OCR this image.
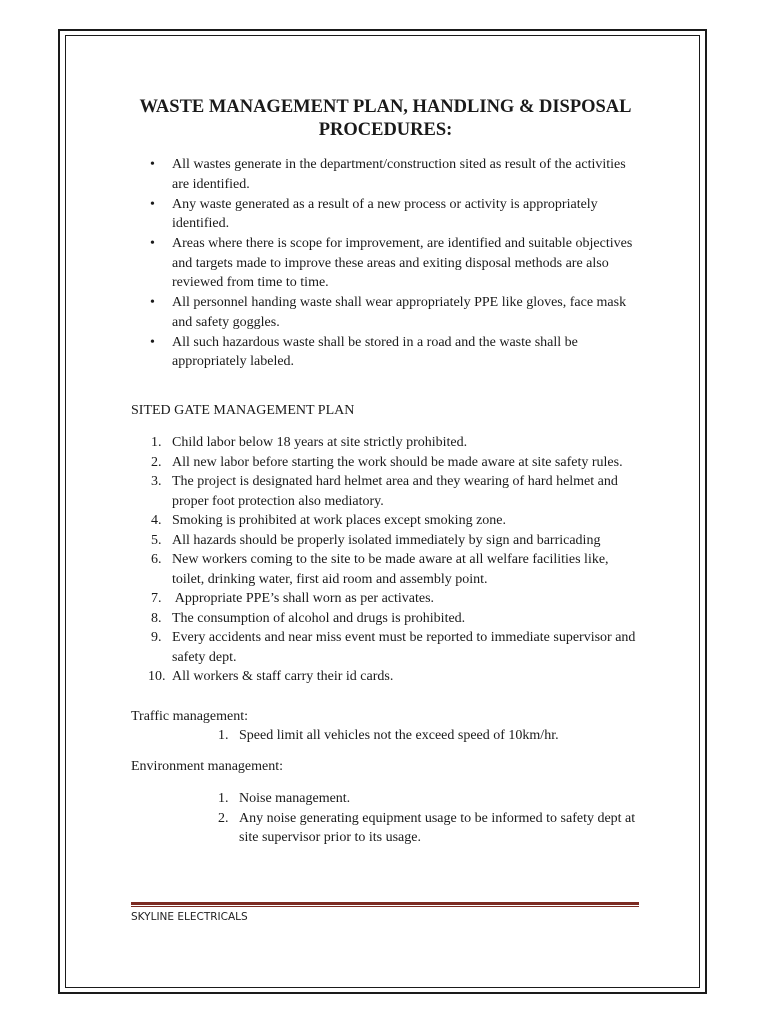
WASTE MANAGEMENT PLAN, HANDLING & DISPOSAL PROCEDURES:
• All wastes generate in the department/construction sited as result of the activities are identified.
• Any waste generated as a result of a new process or activity is appropriately identified.
• Areas where there is scope for improvement, are identified and suitable objectives and targets made to improve these areas and exiting disposal methods are also reviewed from time to time.
• All personnel handing waste shall wear appropriately PPE like gloves, face mask and safety goggles.
• All such hazardous waste shall be stored in a road and the waste shall be appropriately labeled.

SITED GATE MANAGEMENT PLAN

1. Child labor below 18 years at site strictly prohibited.
2. All new labor before starting the work should be made aware at site safety rules.
3. The project is designated hard helmet area and they wearing of hard helmet and proper foot protection also mediatory.
4. Smoking is prohibited at work places except smoking zone.
5. All hazards should be properly isolated immediately by sign and barricading
6. New workers coming to the site to be made aware at all welfare facilities like, toilet, drinking water, first aid room and assembly point.
7. Appropriate PPE’s shall worn as per activates.
8. The consumption of alcohol and drugs is prohibited.
9. Every accidents and near miss event must be reported to immediate supervisor and safety dept.
10. All workers & staff carry their id cards.

Traffic management:

1. Speed limit all vehicles not the exceed speed of 10km/hr.

Environment management:

1. Noise management.
2. Any noise generating equipment usage to be informed to safety dept at site supervisor prior to its usage.
SKYLINE ELECTRICALS
